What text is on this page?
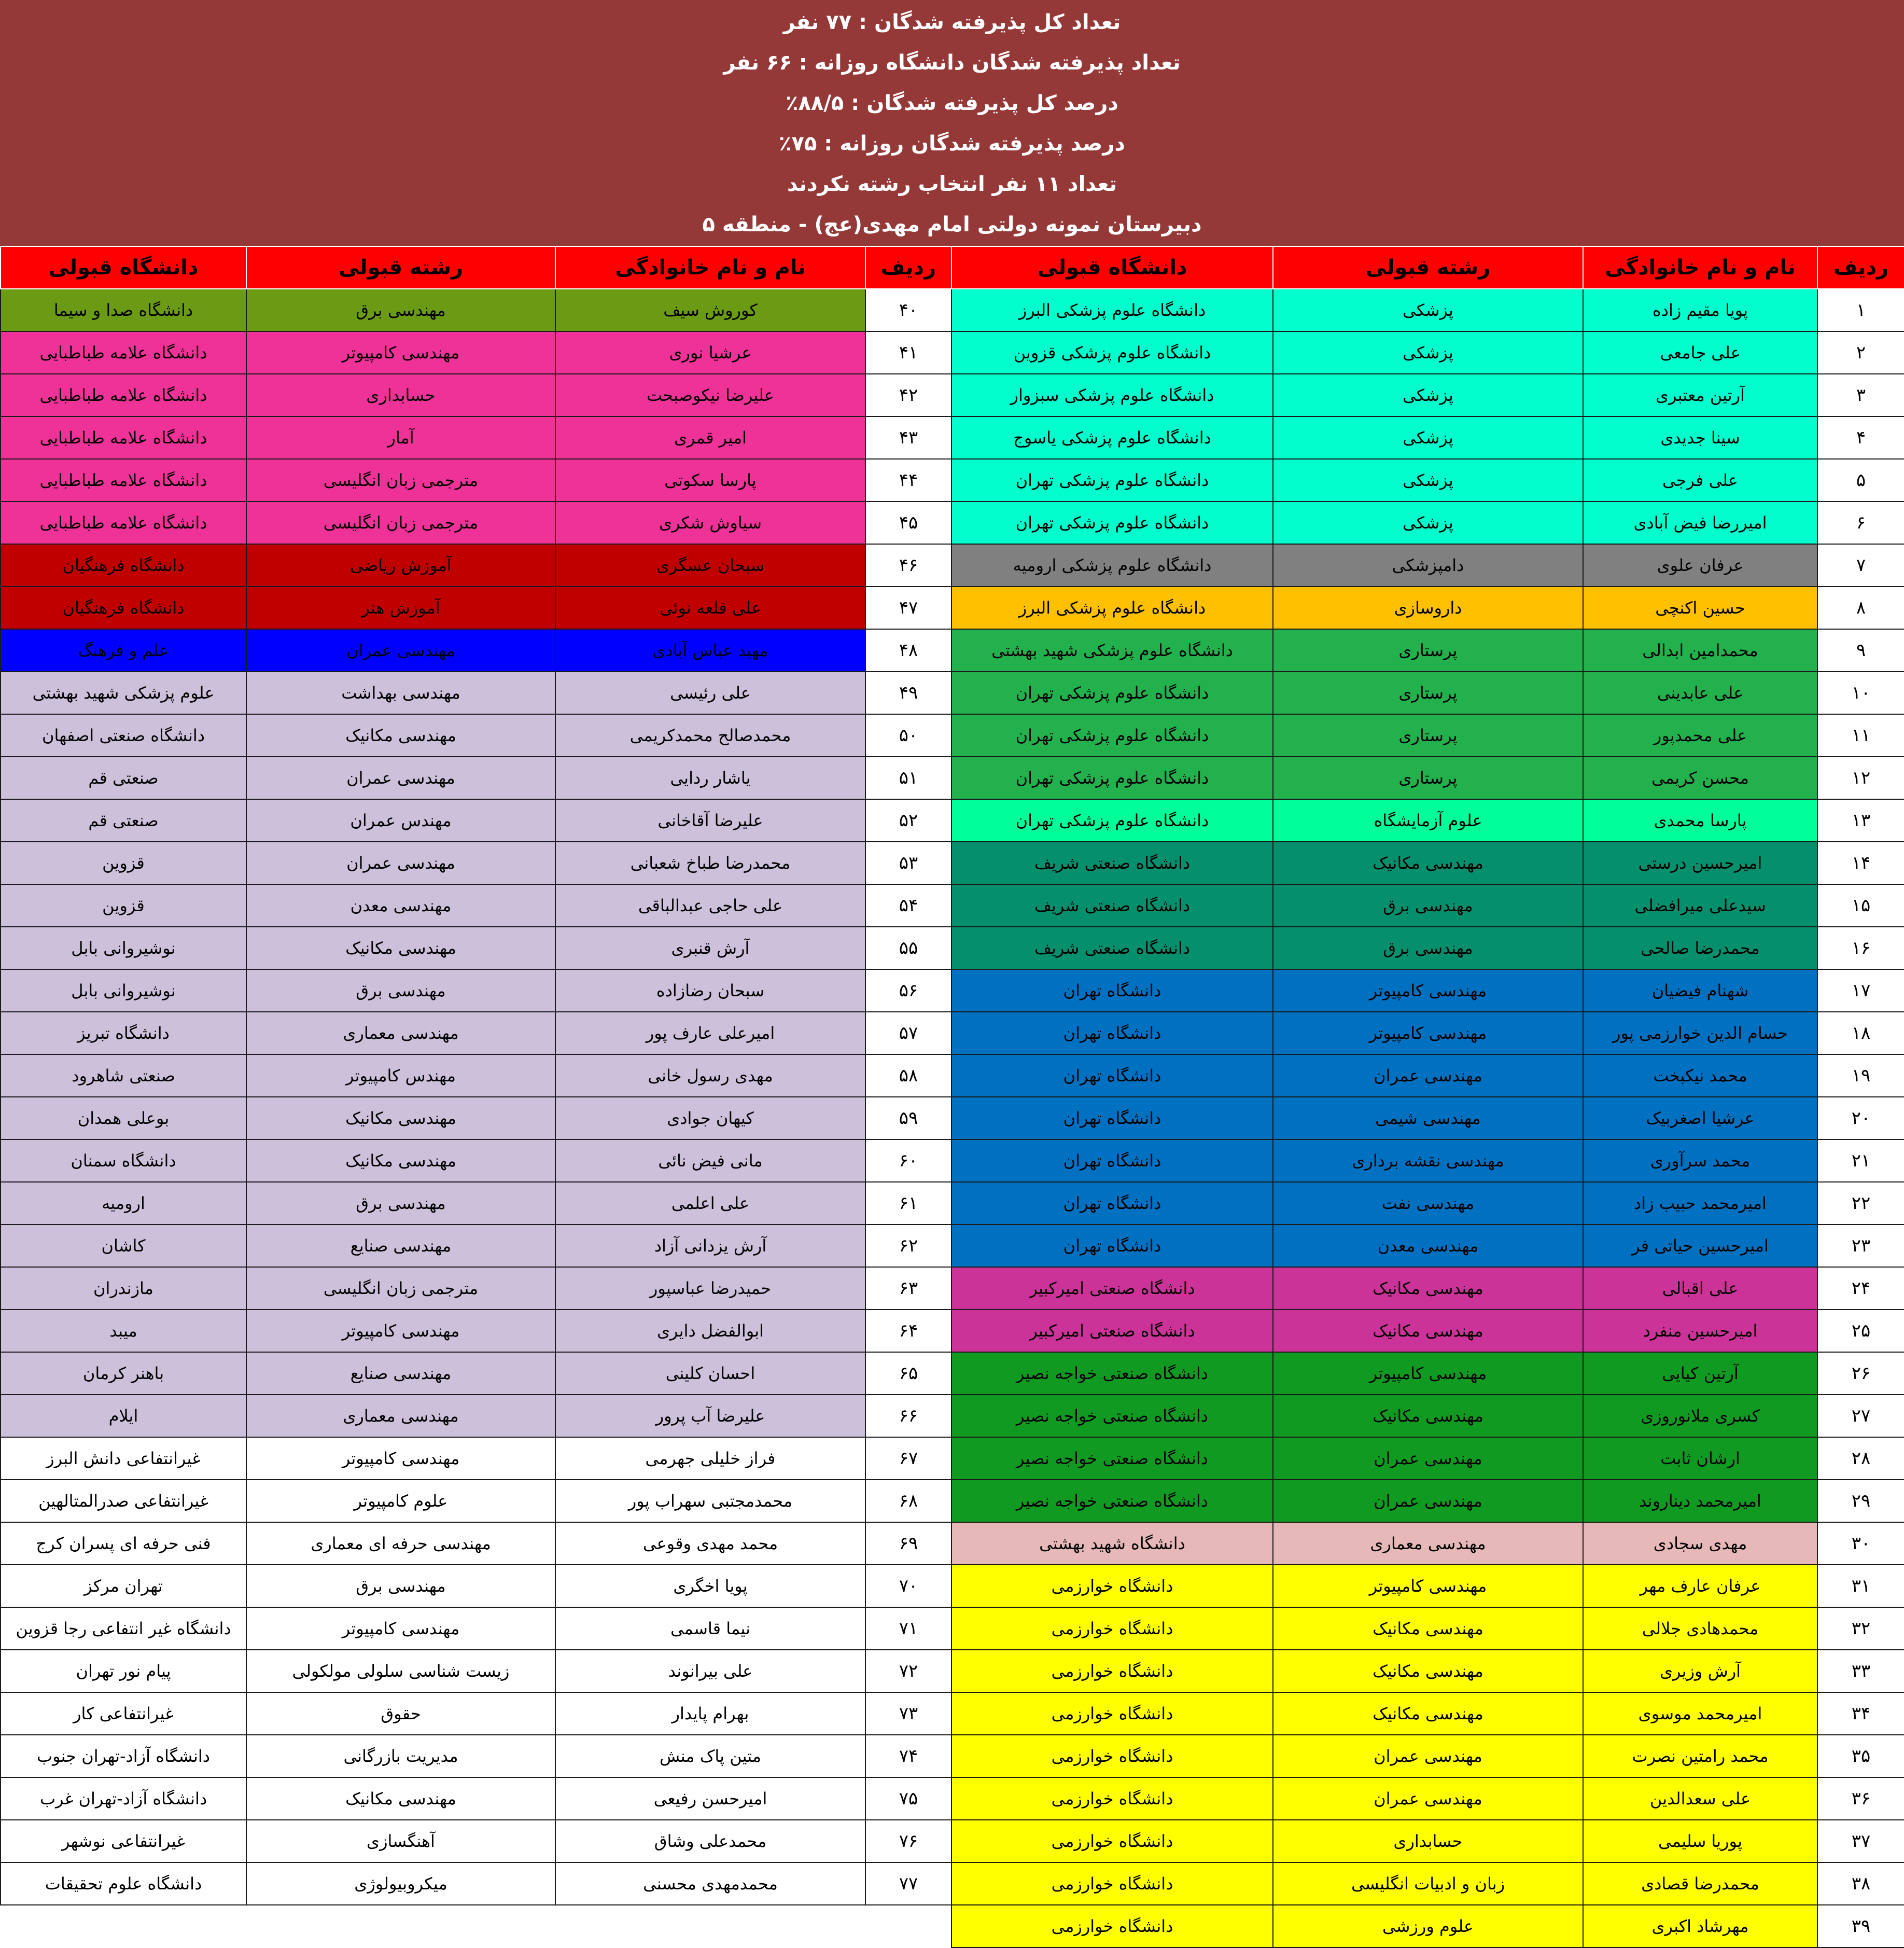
تعداد کل پذیرفته شدگان : ۷۷ نفر
تعداد پذیرفته شدگان دانشگاه روزانه : ۶۶ نفر
درصد کل پذیرفته شدگان : ۸۸/۵٪
درصد پذیرفته شدگان روزانه : ۷۵٪
تعداد ۱۱ نفر انتخاب رشته نکردند
دبیرستان نمونه دولتی امام مهدی(عج) - منطقه ۵
ردیف	نام و نام خانوادگی	رشته قبولی	دانشگاه قبولی
۱	پویا مقیم زاده	پزشکی	دانشگاه علوم پزشکی البرز
۲	علی جامعی	پزشکی	دانشگاه علوم پزشکی قزوین
۳	آرتین معتبری	پزشکی	دانشگاه علوم پزشکی سبزوار
۴	سینا جدیدی	پزشکی	دانشگاه علوم پزشکی یاسوج
۵	علی فرجی	پزشکی	دانشگاه علوم پزشکی تهران
۶	امیررضا فیض آبادی	پزشکی	دانشگاه علوم پزشکی تهران
۷	عرفان علوی	دامپزشکی	دانشگاه علوم پزشکی ارومیه
۸	حسین اکنچی	داروسازی	دانشگاه علوم پزشکی البرز
۹	محمدامین ابدالی	پرستاری	دانشگاه علوم پزشکی شهید بهشتی
۱۰	علی عابدینی	پرستاری	دانشگاه علوم پزشکی تهران
۱۱	علی محمدپور	پرستاری	دانشگاه علوم پزشکی تهران
۱۲	محسن کریمی	پرستاری	دانشگاه علوم پزشکی تهران
۱۳	پارسا محمدی	علوم آزمایشگاه	دانشگاه علوم پزشکی تهران
۱۴	امیرحسین درستی	مهندسی مکانیک	دانشگاه صنعتی شریف
۱۵	سیدعلی میرافضلی	مهندسی برق	دانشگاه صنعتی شریف
۱۶	محمدرضا صالحی	مهندسی برق	دانشگاه صنعتی شریف
۱۷	شهنام فیضیان	مهندسی کامپیوتر	دانشگاه تهران
۱۸	حسام الدین خوارزمی پور	مهندسی کامپیوتر	دانشگاه تهران
۱۹	محمد نیکبخت	مهندسی عمران	دانشگاه تهران
۲۰	عرشیا اصغربیک	مهندسی شیمی	دانشگاه تهران
۲۱	محمد سرآوری	مهندسی نقشه برداری	دانشگاه تهران
۲۲	امیرمحمد حبیب زاد	مهندسی نفت	دانشگاه تهران
۲۳	امیرحسین حیاتی فر	مهندسی معدن	دانشگاه تهران
۲۴	علی اقبالی	مهندسی مکانیک	دانشگاه صنعتی امیرکبیر
۲۵	امیرحسین منفرد	مهندسی مکانیک	دانشگاه صنعتی امیرکبیر
۲۶	آرتین کیایی	مهندسی کامپیوتر	دانشگاه صنعتی خواجه نصیر
۲۷	کسری ملانوروزی	مهندسی مکانیک	دانشگاه صنعتی خواجه نصیر
۲۸	ارشان ثابت	مهندسی عمران	دانشگاه صنعتی خواجه نصیر
۲۹	امیرمحمد دیناروند	مهندسی عمران	دانشگاه صنعتی خواجه نصیر
۳۰	مهدی سجادی	مهندسی معماری	دانشگاه شهید بهشتی
۳۱	عرفان عارف مهر	مهندسی کامپیوتر	دانشگاه خوارزمی
۳۲	محمدهادی جلالی	مهندسی مکانیک	دانشگاه خوارزمی
۳۳	آرش وزیری	مهندسی مکانیک	دانشگاه خوارزمی
۳۴	امیرمحمد موسوی	مهندسی مکانیک	دانشگاه خوارزمی
۳۵	محمد رامتین نصرت	مهندسی عمران	دانشگاه خوارزمی
۳۶	علی سعدالدین	مهندسی عمران	دانشگاه خوارزمی
۳۷	پوریا سلیمی	حسابداری	دانشگاه خوارزمی
۳۸	محمدرضا قصادی	زبان و ادبیات انگلیسی	دانشگاه خوارزمی
۳۹	مهرشاد اکبری	علوم ورزشی	دانشگاه خوارزمی
ردیف	نام و نام خانوادگی	رشته قبولی	دانشگاه قبولی
۴۰	کوروش سیف	مهندسی برق	دانشگاه صدا و سیما
۴۱	عرشیا نوری	مهندسی کامپیوتر	دانشگاه علامه طباطبایی
۴۲	علیرضا نیکوصبحت	حسابداری	دانشگاه علامه طباطبایی
۴۳	امیر قمری	آمار	دانشگاه علامه طباطبایی
۴۴	پارسا سکوتی	مترجمی زبان انگلیسی	دانشگاه علامه طباطبایی
۴۵	سیاوش شکری	مترجمی زبان انگلیسی	دانشگاه علامه طباطبایی
۴۶	سبحان عسگری	آموزش ریاضی	دانشگاه فرهنگیان
۴۷	علی قلعه نوئی	آموزش هنر	دانشگاه فرهنگیان
۴۸	مهبد عباس آبادی	مهندسی عمران	علم و فرهنگ
۴۹	علی رئیسی	مهندسی بهداشت	علوم پزشکی شهید بهشتی
۵۰	محمدصالح محمدکریمی	مهندسی مکانیک	دانشگاه صنعتی اصفهان
۵۱	یاشار ردایی	مهندسی عمران	صنعتی قم
۵۲	علیرضا آقاخانی	مهندس عمران	صنعتی قم
۵۳	محمدرضا طباخ شعبانی	مهندسی عمران	قزوین
۵۴	علی حاجی عبدالباقی	مهندسی معدن	قزوین
۵۵	آرش قنبری	مهندسی مکانیک	نوشیروانی بابل
۵۶	سبحان رضازاده	مهندسی برق	نوشیروانی بابل
۵۷	امیرعلی عارف پور	مهندسی معماری	دانشگاه تبریز
۵۸	مهدی رسول خانی	مهندس کامپیوتر	صنعتی شاهرود
۵۹	کیهان جوادی	مهندسی مکانیک	بوعلی همدان
۶۰	مانی فیض نائی	مهندسی مکانیک	دانشگاه سمنان
۶۱	علی اعلمی	مهندسی برق	ارومیه
۶۲	آرش یزدانی آزاد	مهندسی صنایع	کاشان
۶۳	حمیدرضا عباسپور	مترجمی زبان انگلیسی	مازندران
۶۴	ابوالفضل دایری	مهندسی کامپیوتر	میبد
۶۵	احسان کلینی	مهندسی صنایع	باهنر کرمان
۶۶	علیرضا آب پرور	مهندسی معماری	ایلام
۶۷	فراز خلیلی جهرمی	مهندسی کامپیوتر	غیرانتفاعی دانش البرز
۶۸	محمدمجتبی سهراب پور	علوم کامپیوتر	غیرانتفاعی صدرالمتالهین
۶۹	محمد مهدی وقوعی	مهندسی حرفه ای معماری	فنی حرفه ای پسران کرج
۷۰	پویا اخگری	مهندسی برق	تهران مرکز
۷۱	نیما قاسمی	مهندسی کامپیوتر	دانشگاه غیر انتفاعی رجا قزوین
۷۲	علی بیرانوند	زیست شناسی سلولی مولکولی	پیام نور تهران
۷۳	بهرام پایدار	حقوق	غیرانتفاعی کار
۷۴	متین پاک منش	مدیریت بازرگانی	دانشگاه آزاد-تهران جنوب
۷۵	امیرحسن رفیعی	مهندسی مکانیک	دانشگاه آزاد-تهران غرب
۷۶	محمدعلی وشاق	آهنگسازی	غیرانتفاعی نوشهر
۷۷	محمدمهدی محسنی	میکروبیولوژی	دانشگاه علوم تحقیقات
